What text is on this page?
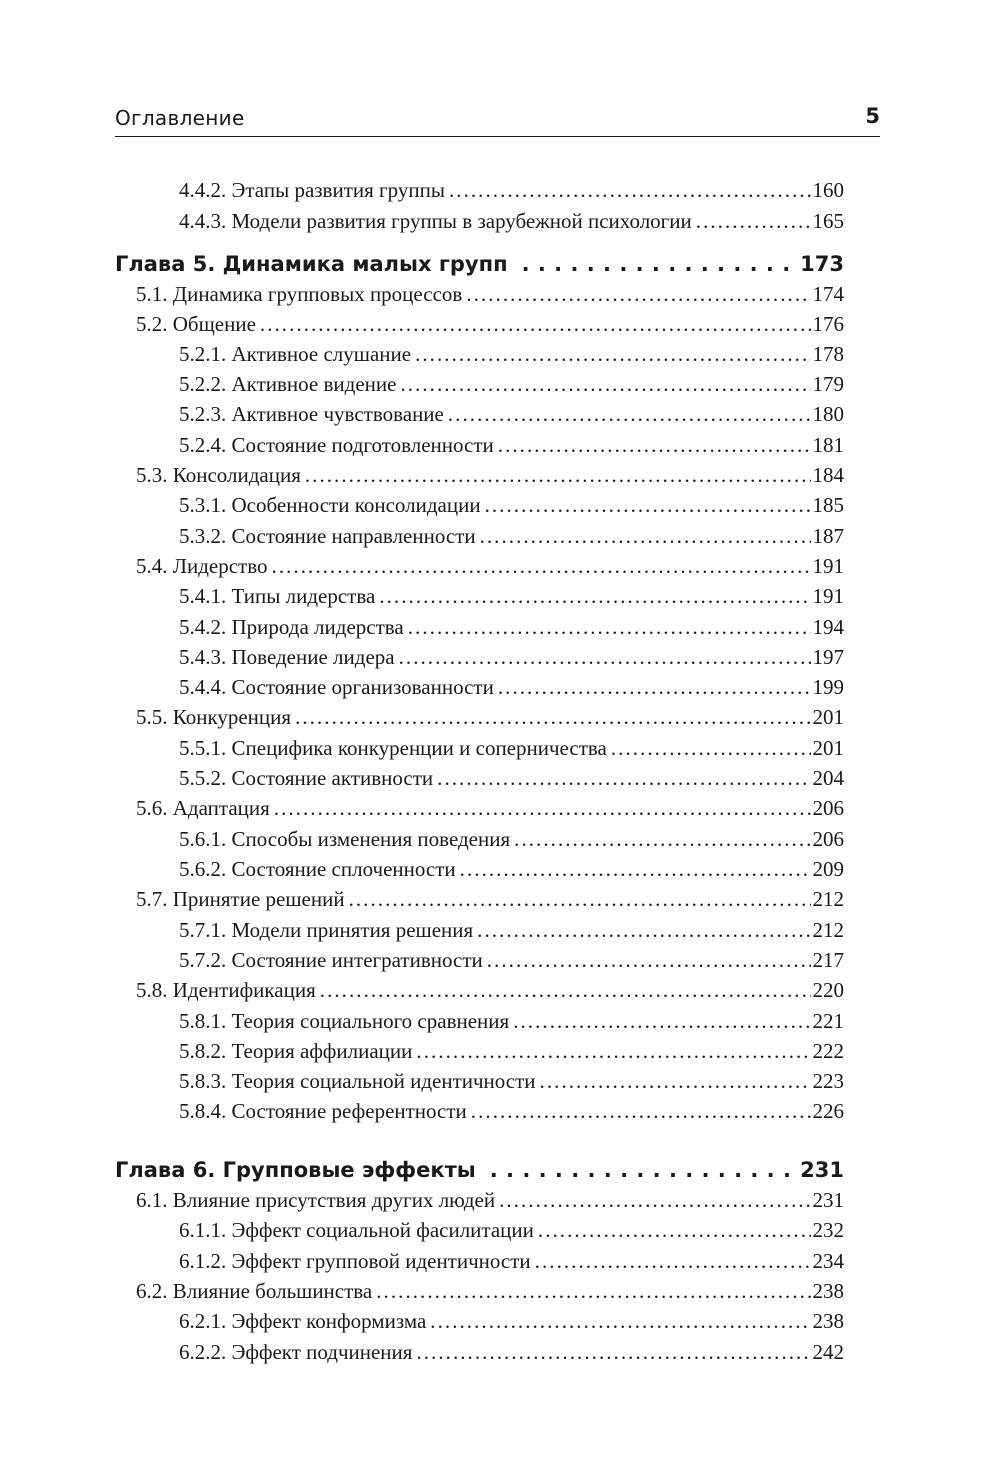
Оглавление	5
4.4.2. Этапы развития группы . . .	160
4.4.3. Модели развития группы в зарубежной психологии . . .	165
Глава 5. Динамика малых групп . . .	173
5.1. Динамика групповых процессов . . .	174
5.2. Общение . . .	176
5.2.1. Активное слушание . . .	178
5.2.2. Активное видение . . .	179
5.2.3. Активное чувствование . . .	180
5.2.4. Состояние подготовленности . . .	181
5.3. Консолидация . . .	184
5.3.1. Особенности консолидации . . .	185
5.3.2. Состояние направленности . . .	187
5.4. Лидерство . . .	191
5.4.1. Типы лидерства . . .	191
5.4.2. Природа лидерства . . .	194
5.4.3. Поведение лидера . . .	197
5.4.4. Состояние организованности . . .	199
5.5. Конкуренция . . .	201
5.5.1. Специфика конкуренции и соперничества . . .	201
5.5.2. Состояние активности . . .	204
5.6. Адаптация . . .	206
5.6.1. Способы изменения поведения . . .	206
5.6.2. Состояние сплоченности . . .	209
5.7. Принятие решений . . .	212
5.7.1. Модели принятия решения . . .	212
5.7.2. Состояние интегративности . . .	217
5.8. Идентификация . . .	220
5.8.1. Теория социального сравнения . . .	221
5.8.2. Теория аффилиации . . .	222
5.8.3. Теория социальной идентичности . . .	223
5.8.4. Состояние референтности . . .	226
Глава 6. Групповые эффекты . . .	231
6.1. Влияние присутствия других людей . . .	231
6.1.1. Эффект социальной фасилитации . . .	232
6.1.2. Эффект групповой идентичности . . .	234
6.2. Влияние большинства . . .	238
6.2.1. Эффект конформизма . . .	238
6.2.2. Эффект подчинения . . .	242
